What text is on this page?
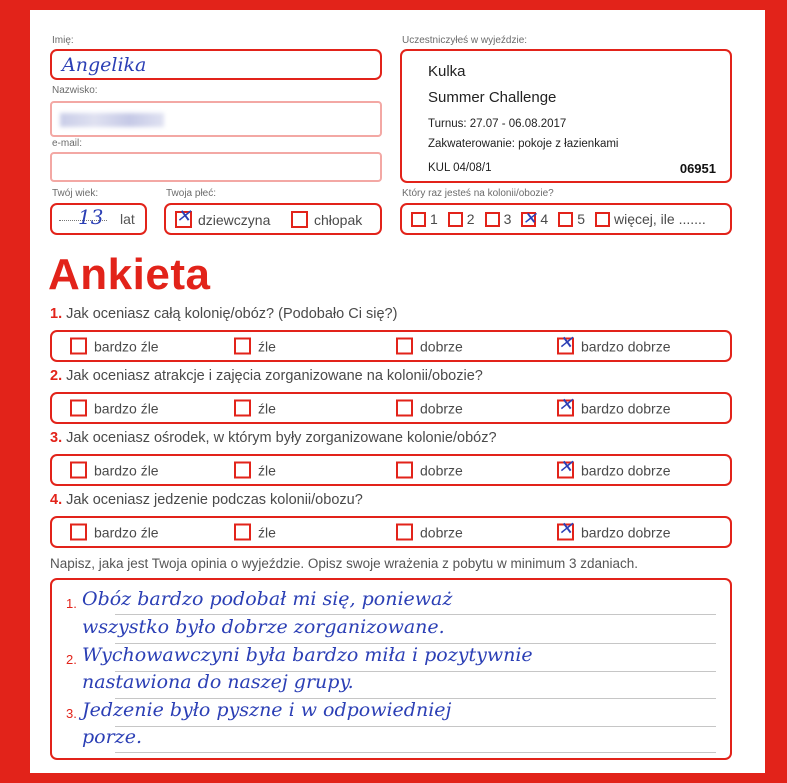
Imię:
Angelika
Nazwisko:
e-mail:
Twój wiek:
13 lat
Twoja płeć:
✕ dziewczyna	chłopak
Uczestniczyłeś w wyjeździe:
Kulka
Summer Challenge
Turnus: 27.07 - 06.08.2017
Zakwaterowanie: pokoje z łazienkami
KUL 04/08/1	06951
Który raz jesteś na kolonii/obozie?
1 2 3 ✕ 4 5 więcej, ile .......
Ankieta
1. Jak oceniasz całą kolonię/obóz? (Podobało Ci się?)
bardzo źle	źle	dobrze	✕ bardzo dobrze
2. Jak oceniasz atrakcje i zajęcia zorganizowane na kolonii/obozie?
bardzo źle	źle	dobrze	✕ bardzo dobrze
3. Jak oceniasz ośrodek, w którym były zorganizowane kolonie/obóz?
bardzo źle	źle	dobrze	✕ bardzo dobrze
4. Jak oceniasz jedzenie podczas kolonii/obozu?
bardzo źle	źle	dobrze	✕ bardzo dobrze
Napisz, jaka jest Twoja opinia o wyjeździe. Opisz swoje wrażenia z pobytu w minimum 3 zdaniach.
1.
2.
3.
Obóz bardzo podobał mi się, ponieważ
wszystko było dobrze zorganizowane.
Wychowawczyni była bardzo miła i pozytywnie
nastawiona do naszej grupy.
Jedzenie było pyszne i w odpowiedniej
porze.
